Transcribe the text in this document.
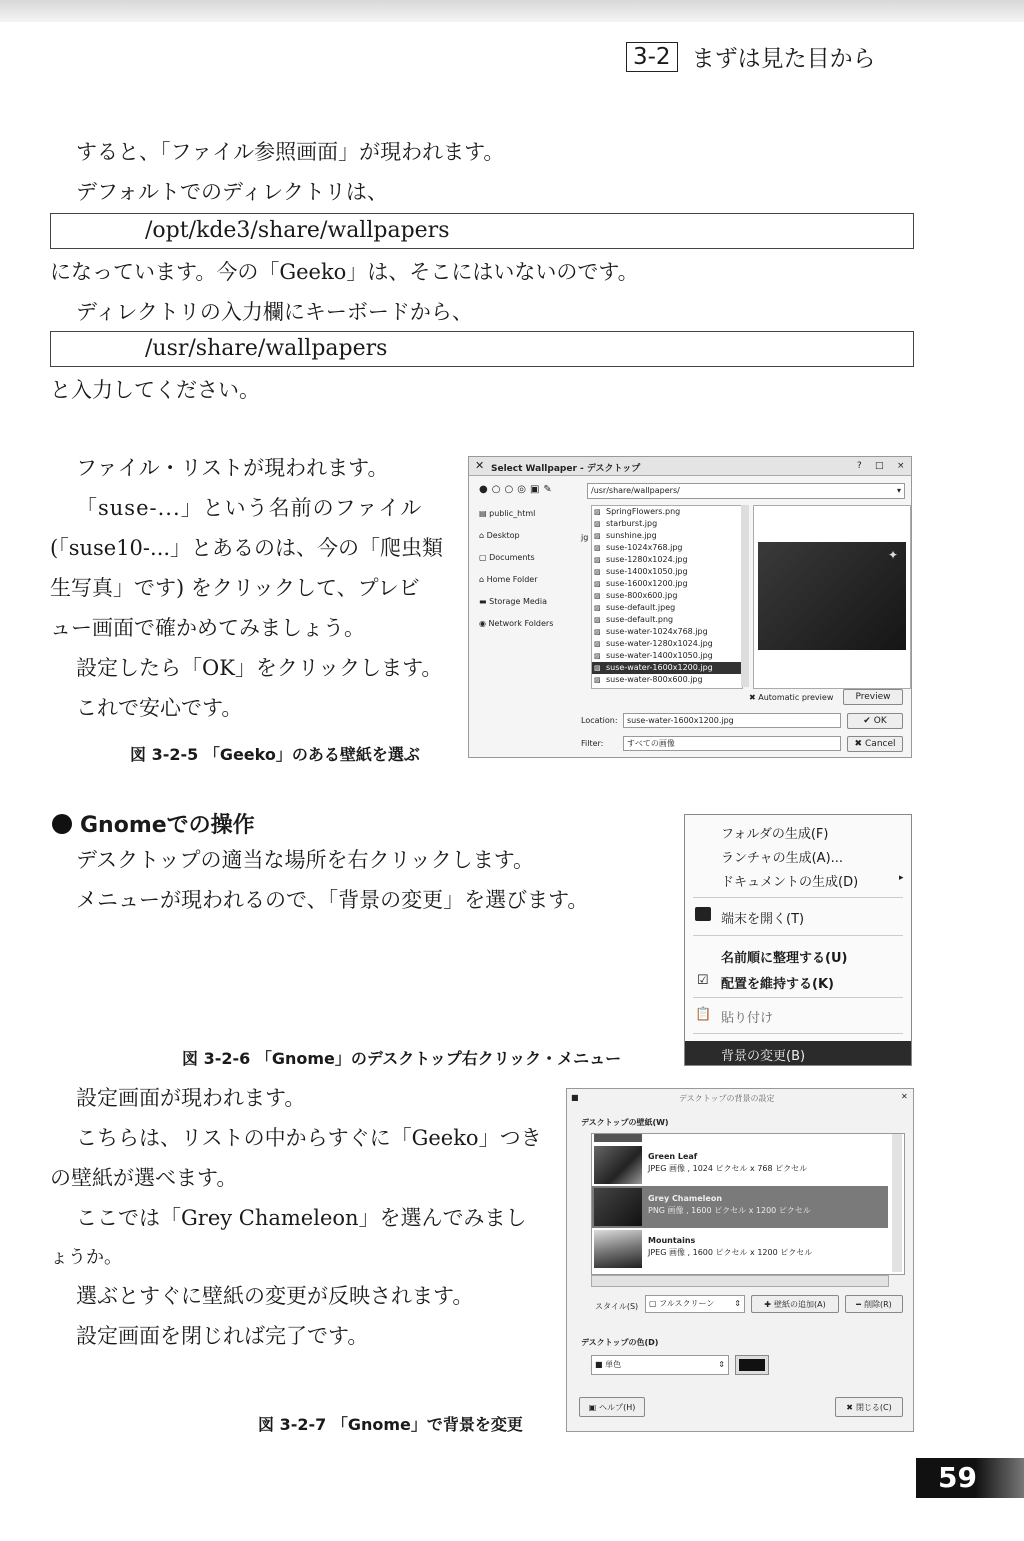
3-2 まずは見た目から
すると、「ファイル参照画面」が現われます。
デフォルトでのディレクトリは、
/opt/kde3/share/wallpapers
になっています。今の「Geeko」は、そこにはいないのです。
ディレクトリの入力欄にキーボードから、
/usr/share/wallpapers
と入力してください。
ファイル・リストが現われます。
「suse-...」という名前のファイル
(「suse10-...」とあるのは、今の「爬虫類
生写真」です) をクリックして、プレビ
ュー画面で確かめてみましょう。
設定したら「OK」をクリックします。
これで安心です。
図 3-2-5 「Geeko」のある壁紙を選ぶ
✕ Select Wallpaper - デスクトップ	? □ ×
● ○ ○ ◎ ▣ ✎	/usr/share/wallpapers/	▾
▤ public_html
⌂ Desktop
▢ Documents
⌂ Home Folder
▬ Storage Media
◉ Network Folders
jg
▨ SpringFlowers.png
▨ starburst.jpg
▨ sunshine.jpg
▨ suse-1024x768.jpg
▨ suse-1280x1024.jpg
▨ suse-1400x1050.jpg
▨ suse-1600x1200.jpg
▨ suse-800x600.jpg
▨ suse-default.jpeg
▨ suse-default.png
▨ suse-water-1024x768.jpg
▨ suse-water-1280x1024.jpg
▨ suse-water-1400x1050.jpg
▨ suse-water-1600x1200.jpg
▨ suse-water-800x600.jpg
✦
✖ Automatic preview Preview
Location:	suse-water-1600x1200.jpg	✔ OK
Filter:	すべての画像	✖ Cancel
Gnomeでの操作
デスクトップの適当な場所を右クリックします。
メニューが現われるので、「背景の変更」を選びます。
図 3-2-6 「Gnome」のデスクトップ右クリック・メニュー
フォルダの生成(F)
ランチャの生成(A)...
ドキュメントの生成(D)	▸
端末を開く(T)
名前順に整理する(U)
☑ 配置を維持する(K)
📋 貼り付け
背景の変更(B)
設定画面が現われます。
こちらは、リストの中からすぐに「Geeko」つき
の壁紙が選べます。
ここでは「Grey Chameleon」を選んでみまし
ょうか。
選ぶとすぐに壁紙の変更が反映されます。
設定画面を閉じれば完了です。
図 3-2-7 「Gnome」で背景を変更
■	デスクトップの背景の設定	✕
デスクトップの壁紙(W)
Green Leaf
JPEG 画像 , 1024 ピクセル x 768 ピクセル
Grey Chameleon
PNG 画像 , 1600 ピクセル x 1200 ピクセル
Mountains
JPEG 画像 , 1600 ピクセル x 1200 ピクセル
スタイル(S)	▢ フルスクリーン ⇕	✚ 壁紙の追加(A)	━ 削除(R)
デスクトップの色(D)
■ 単色	⇕
▣ ヘルプ(H)	✖ 閉じる(C)
59
